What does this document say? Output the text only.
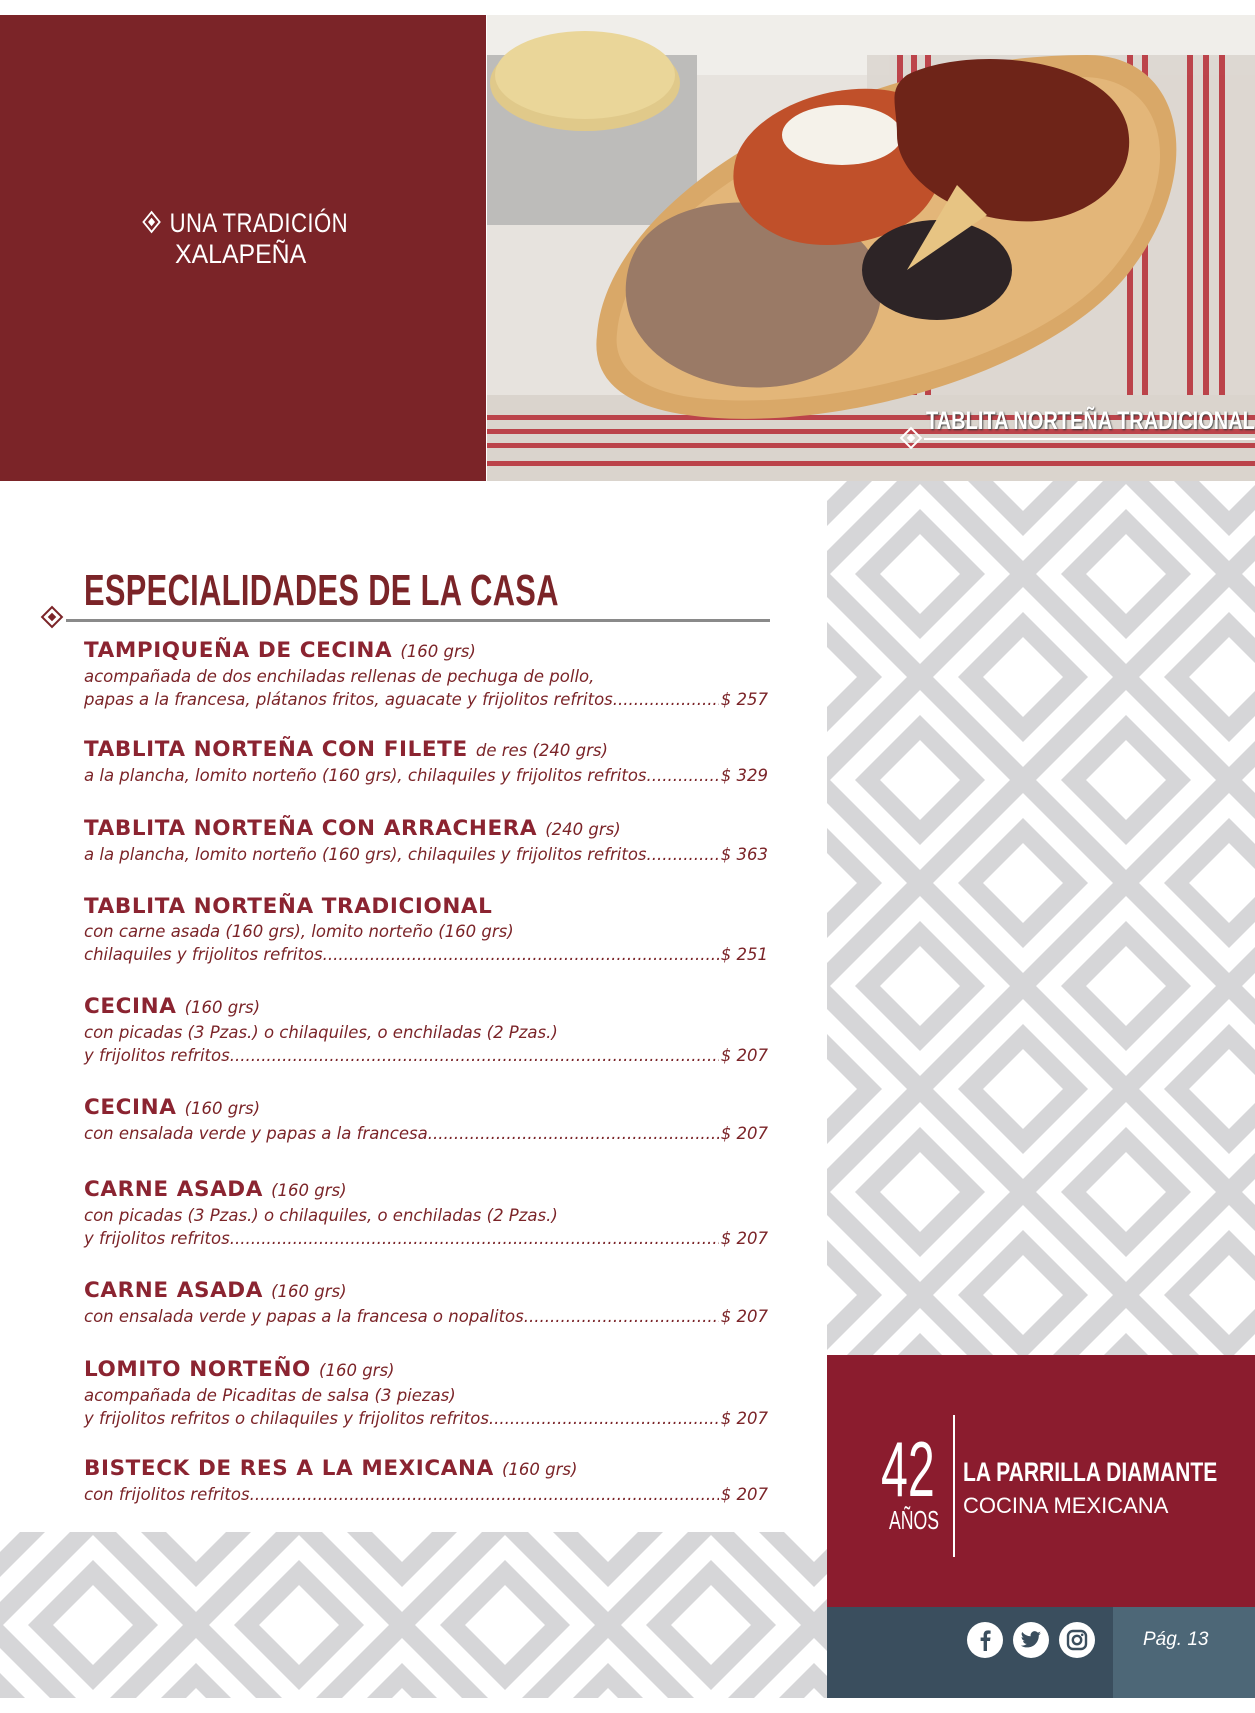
UNA TRADICIÓN
XALAPEÑA
TABLITA NORTEÑA TRADICIONAL
ESPECIALIDADES DE LA CASA
TAMPIQUEÑA DE CECINA (160 grs)
acompañada de dos enchiladas rellenas de pechuga de pollo,
papas a la francesa, plátanos fritos, aguacate y frijolitos refritos .....	$ 257
TABLITA NORTEÑA CON FILETE de res (240 grs)
a la plancha, lomito norteño (160 grs), chilaquiles y frijolitos refritos .....	$ 329
TABLITA NORTEÑA CON ARRACHERA (240 grs)
a la plancha, lomito norteño (160 grs), chilaquiles y frijolitos refritos .....	$ 363
TABLITA NORTEÑA TRADICIONAL
con carne asada (160 grs), lomito norteño (160 grs)
chilaquiles y frijolitos refritos .....	$ 251
CECINA (160 grs)
con picadas (3 Pzas.) o chilaquiles, o enchiladas (2 Pzas.)
y frijolitos refritos .....	$ 207
CECINA (160 grs)
con ensalada verde y papas a la francesa .....	$ 207
CARNE ASADA (160 grs)
con picadas (3 Pzas.) o chilaquiles, o enchiladas (2 Pzas.)
y frijolitos refritos .....	$ 207
CARNE ASADA (160 grs)
con ensalada verde y papas a la francesa o nopalitos .....	$ 207
LOMITO NORTEÑO (160 grs)
acompañada de Picaditas de salsa (3 piezas)
y frijolitos refritos o chilaquiles y frijolitos refritos .....	$ 207
BISTECK DE RES A LA MEXICANA (160 grs)
con frijolitos refritos .....	$ 207 42
AÑOS
LA PARRILLA DIAMANTE
COCINA MEXICANA
Pág. 13
